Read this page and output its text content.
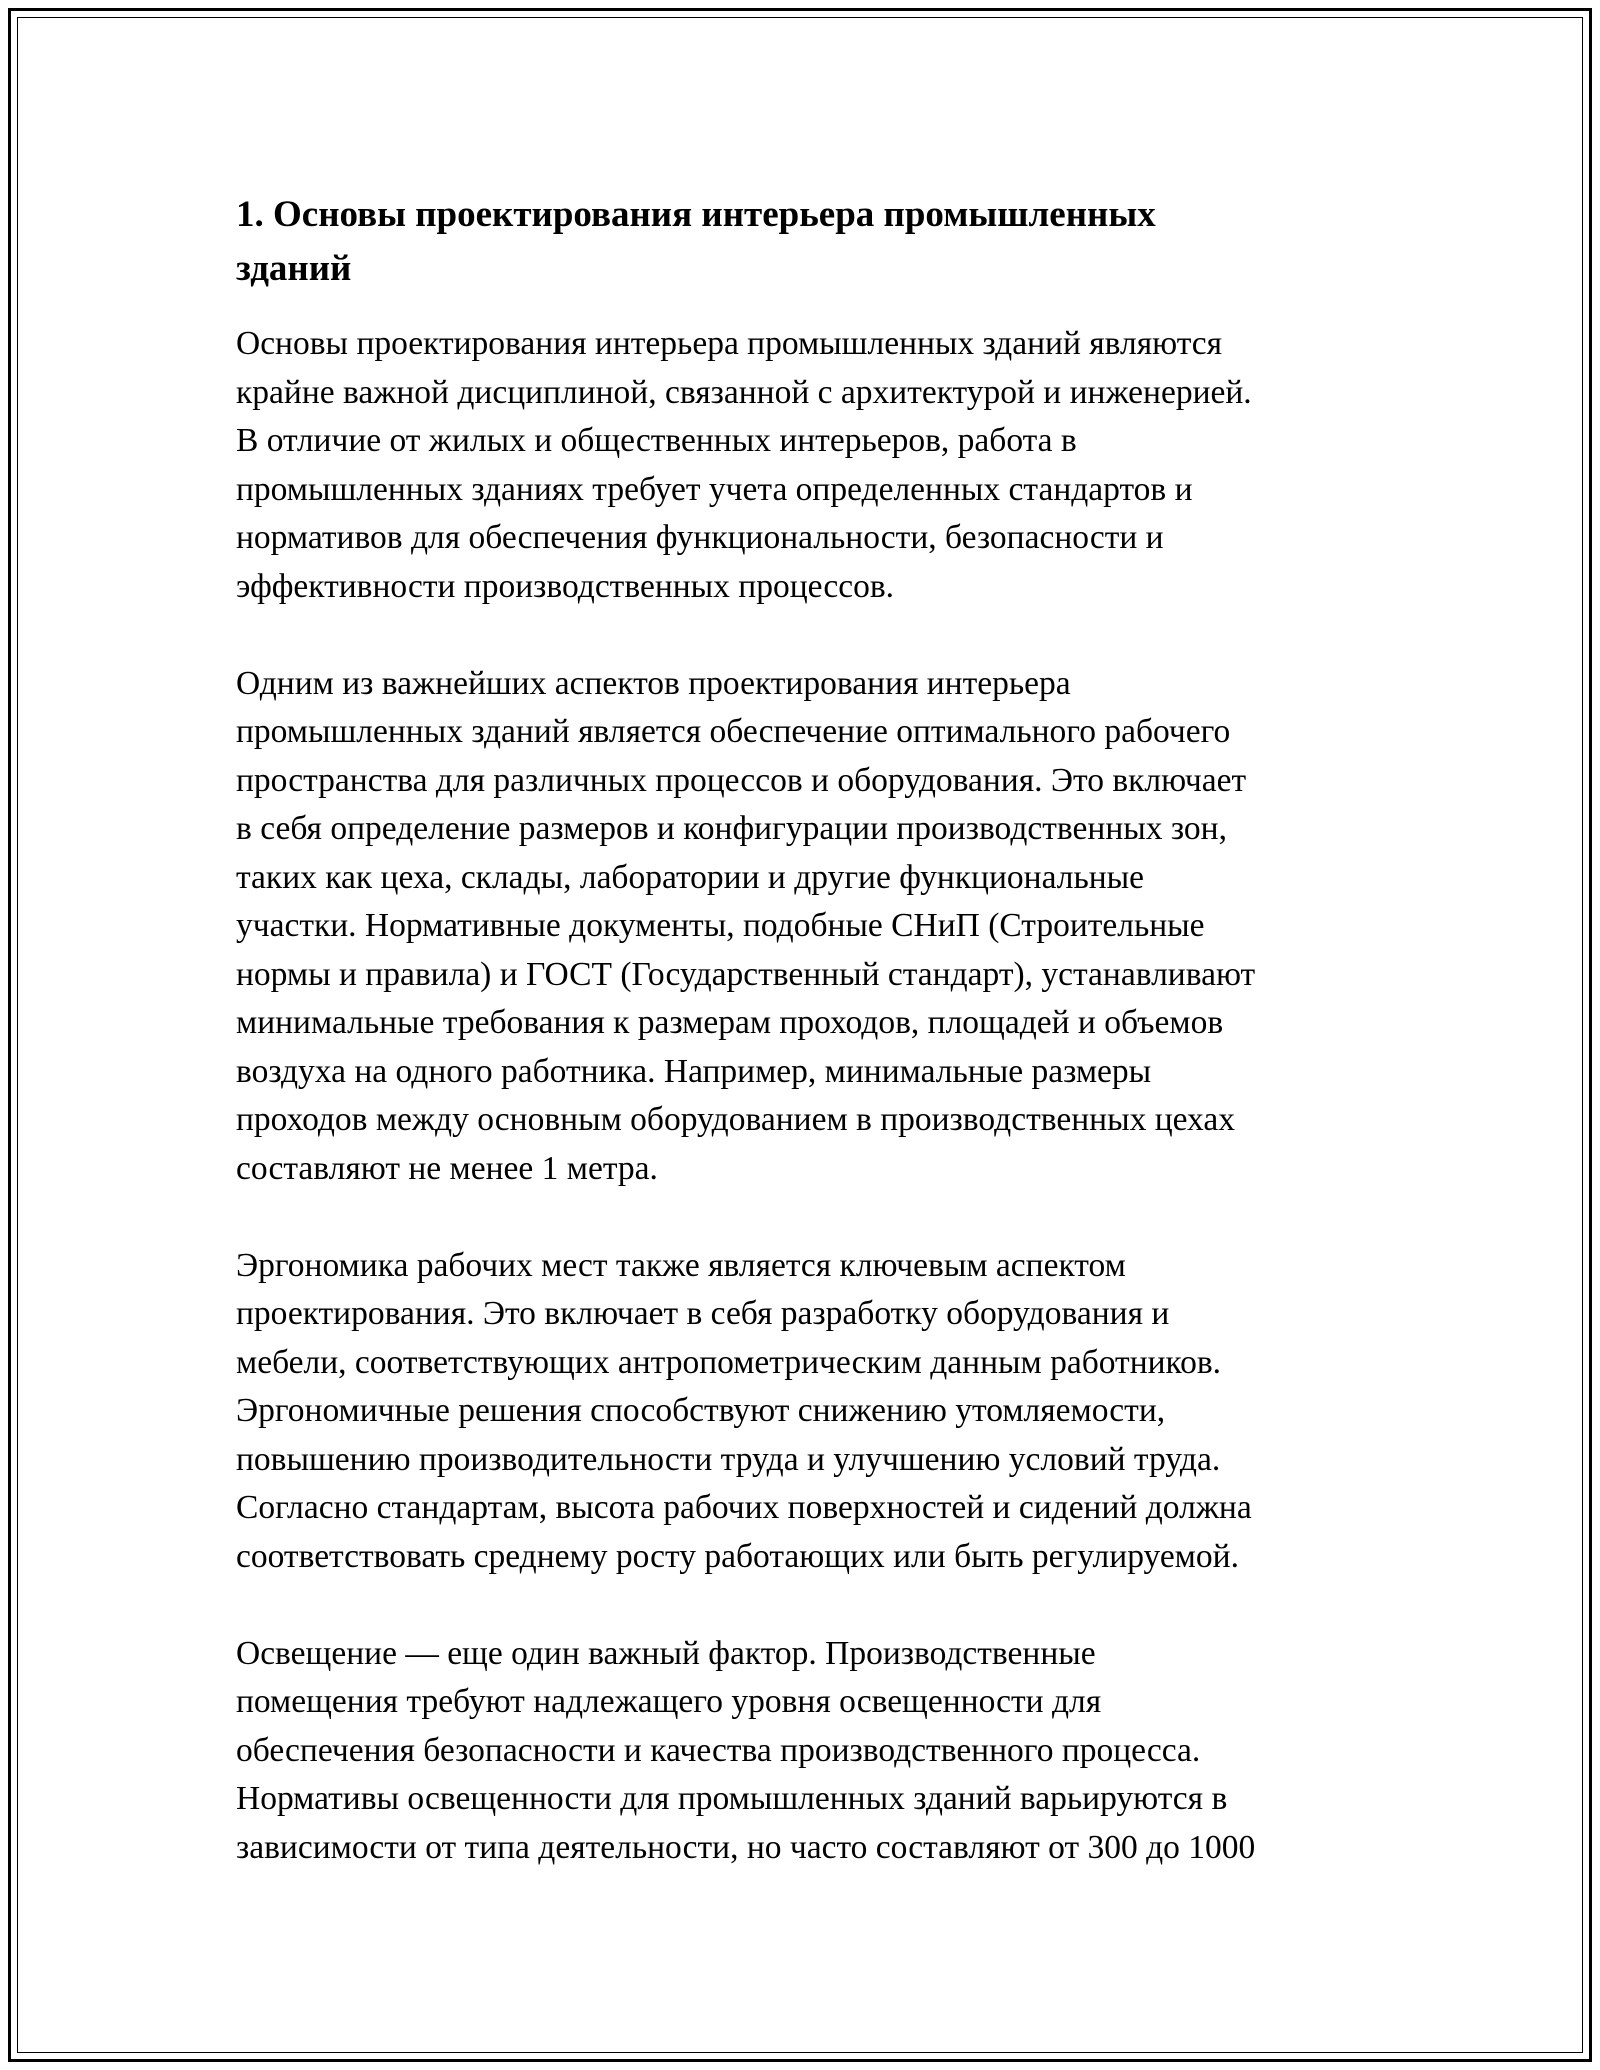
1. Основы проектирования интерьера промышленных
зданий

Основы проектирования интерьера промышленных зданий являются
крайне важной дисциплиной, связанной с архитектурой и инженерией.
В отличие от жилых и общественных интерьеров, работа в
промышленных зданиях требует учета определенных стандартов и
нормативов для обеспечения функциональности, безопасности и
эффективности производственных процессов.

Одним из важнейших аспектов проектирования интерьера
промышленных зданий является обеспечение оптимального рабочего
пространства для различных процессов и оборудования. Это включает
в себя определение размеров и конфигурации производственных зон,
таких как цеха, склады, лаборатории и другие функциональные
участки. Нормативные документы, подобные СНиП (Строительные
нормы и правила) и ГОСТ (Государственный стандарт), устанавливают
минимальные требования к размерам проходов, площадей и объемов
воздуха на одного работника. Например, минимальные размеры
проходов между основным оборудованием в производственных цехах
составляют не менее 1 метра.

Эргономика рабочих мест также является ключевым аспектом
проектирования. Это включает в себя разработку оборудования и
мебели, соответствующих антропометрическим данным работников.
Эргономичные решения способствуют снижению утомляемости,
повышению производительности труда и улучшению условий труда.
Согласно стандартам, высота рабочих поверхностей и сидений должна
соответствовать среднему росту работающих или быть регулируемой.

Освещение — еще один важный фактор. Производственные
помещения требуют надлежащего уровня освещенности для
обеспечения безопасности и качества производственного процесса.
Нормативы освещенности для промышленных зданий варьируются в
зависимости от типа деятельности, но часто составляют от 300 до 1000
